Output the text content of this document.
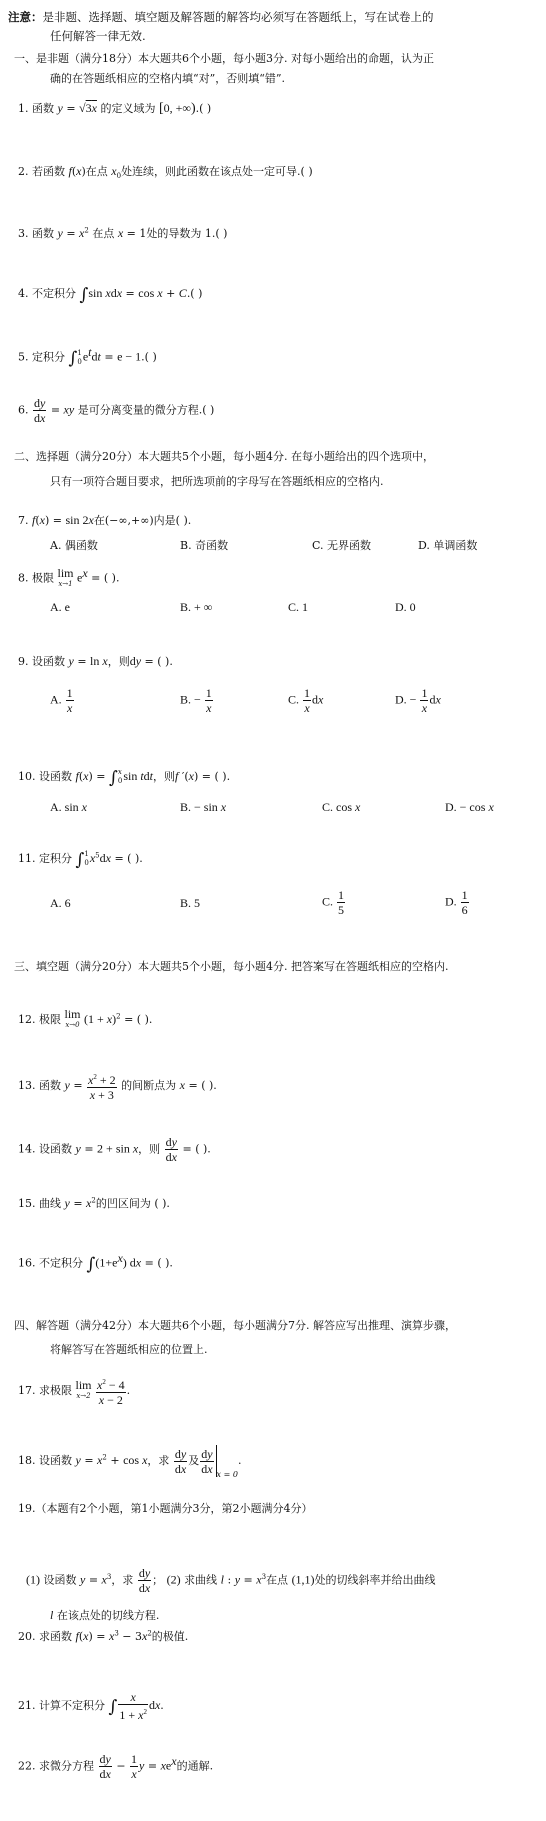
注意：是非题、选择题、填空题及解答题的解答均必须写在答题纸上，写在试卷上的
任何解答一律无效.
一、是非题（满分18分）本大题共6个小题，每小题3分. 对每小题给出的命题，认为正
确的在答题纸相应的空格内填“对”，否则填“错”.
1. 函数 y = √3x 的定义域为 [0, +∞).( )
2. 若函数 f(x)在点 $x_0$处连续，则此函数在该点处一定可导.( )
3. 函数 $y = x^2$ 在点 x = 1处的导数为 1.( )
4. 不定积分 ∫sin xdx = cos x + C.( )
5. 定积分 ∫ 1
0 $e^tdt = e - 1$.( )
6. $\frac{dy}{dx}$ = xy 是可分离变量的微分方程.( )
二、选择题（满分20分）本大题共5个小题，每小题4分. 在每小题给出的四个选项中，
只有一项符合题目要求，把所选项前的字母写在答题纸相应的空格内.
7. f(x) = sin 2x在(−∞,+∞)内是( ).
A. 偶函数	B. 奇函数	C. 无界函数	D. 单调函数
8. 极限 lim
x→1 $e^x$ = ( ).
A. e	B. + ∞	C. 1	D. 0
9. 设函数 y = ln x，则dy = ( ).
A. $\frac{1}{x}$	B. − $\frac{1}{x}$	C. $\frac{1}{x}$ dx	D. − $\frac{1}{x}$ dx
10. 设函数 f(x) = ∫ x
0 sin tdt，则f ′(x) = ( ).
A. sin x	B. − sin x	C. cos x	D. − cos x
11. 定积分 ∫ 1
0 $x^5dx$ = ( ).
A. 6	B. 5	C. $\frac{1}{5}$	D. $\frac{1}{6}$
三、填空题（满分20分）本大题共5个小题，每小题4分. 把答案写在答题纸相应的空格内.
12. 极限 lim
x→0 $(1 + x)^2$ = ( ).
13. 函数 $y = \frac{x^2 + 2}{x + 3}$ 的间断点为 x = ( ).
14. 设函数 y = 2 + sin x，则 $\frac{dy}{dx}$ = ( ).
15. 曲线 $y = x^2$的凹区间为 ( ).
16. 不定积分 $\int(1+e^x)$ dx = ( ).
四、解答题（满分42分）本大题共6个小题，每小题满分7分. 解答应写出推理、演算步骤，
将解答写在答题纸相应的位置上.
17. 求极限 lim
x→2
$\frac{x^2 - 4}{x - 2}$ .
18. 设函数 $y = x^2 + \cos x$，求 $\frac{dy}{dx}$ 及 $\frac{dy}{dx} _{x = 0}$.
19.（本题有2个小题，第1小题满分3分，第2小题满分4分）
(1) 设函数 $y = x^3$，求 $\frac{dy}{dx}$ ； (2) 求曲线 l : $y = x^3$在点 (1,1)处的切线斜率并给出曲线
l 在该点处的切线方程.
20. 求函数 $f(x) = x^3 - 3x^2$的极值.
21. 计算不定积分 ∫ $\frac{x}{1 + x^2}$ dx.
22. 求微分方程 $\frac{dy}{dx} - \frac{1}{x}$ $y = xe^x$的通解.
